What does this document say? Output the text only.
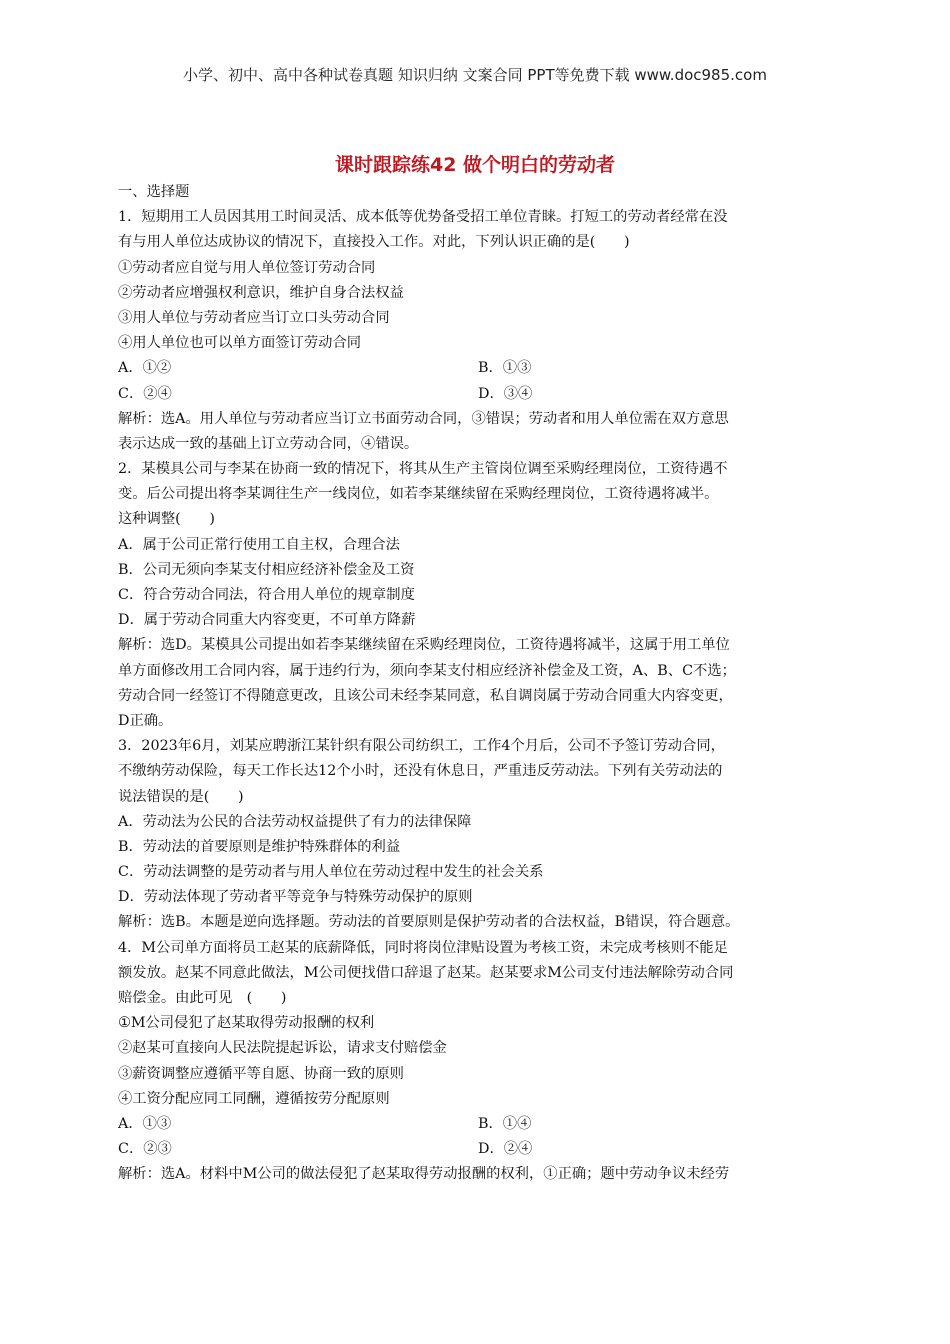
小学、初中、高中各种试卷真题 知识归纳 文案合同 PPT等免费下载 www.doc985.com
课时跟踪练42 做个明白的劳动者
一、选择题
1．短期用工人员因其用工时间灵活、成本低等优势备受招工单位青睐。打短工的劳动者经常在没
有与用人单位达成协议的情况下，直接投入工作。对此，下列认识正确的是(　　)
①劳动者应自觉与用人单位签订劳动合同
②劳动者应增强权利意识，维护自身合法权益
③用人单位与劳动者应当订立口头劳动合同
④用人单位也可以单方面签订劳动合同
A．①②	B．①③
C．②④	D．③④
解析：选A。用人单位与劳动者应当订立书面劳动合同，③错误；劳动者和用人单位需在双方意思
表示达成一致的基础上订立劳动合同，④错误。
2．某模具公司与李某在协商一致的情况下，将其从生产主管岗位调至采购经理岗位，工资待遇不
变。后公司提出将李某调往生产一线岗位，如若李某继续留在采购经理岗位，工资待遇将减半。
这种调整(　　)
A．属于公司正常行使用工自主权，合理合法
B．公司无须向李某支付相应经济补偿金及工资
C．符合劳动合同法，符合用人单位的规章制度
D．属于劳动合同重大内容变更，不可单方降薪
解析：选D。某模具公司提出如若李某继续留在采购经理岗位，工资待遇将减半，这属于用工单位
单方面修改用工合同内容，属于违约行为，须向李某支付相应经济补偿金及工资，A、B、C不选；
劳动合同一经签订不得随意更改，且该公司未经李某同意，私自调岗属于劳动合同重大内容变更，
D正确。
3．2023年6月，刘某应聘浙江某针织有限公司纺织工，工作4个月后，公司不予签订劳动合同，
不缴纳劳动保险，每天工作长达12个小时，还没有休息日，严重违反劳动法。下列有关劳动法的
说法错误的是(　　)
A．劳动法为公民的合法劳动权益提供了有力的法律保障
B．劳动法的首要原则是维护特殊群体的利益
C．劳动法调整的是劳动者与用人单位在劳动过程中发生的社会关系
D．劳动法体现了劳动者平等竞争与特殊劳动保护的原则
解析：选B。本题是逆向选择题。劳动法的首要原则是保护劳动者的合法权益，B错误，符合题意。
4．M公司单方面将员工赵某的底薪降低，同时将岗位津贴设置为考核工资，未完成考核则不能足
额发放。赵某不同意此做法，M公司便找借口辞退了赵某。赵某要求M公司支付违法解除劳动合同
赔偿金。由此可见　(　　)
①M公司侵犯了赵某取得劳动报酬的权利
②赵某可直接向人民法院提起诉讼，请求支付赔偿金
③薪资调整应遵循平等自愿、协商一致的原则
④工资分配应同工同酬，遵循按劳分配原则
A．①③	B．①④
C．②③	D．②④
解析：选A。材料中M公司的做法侵犯了赵某取得劳动报酬的权利，①正确；题中劳动争议未经劳
